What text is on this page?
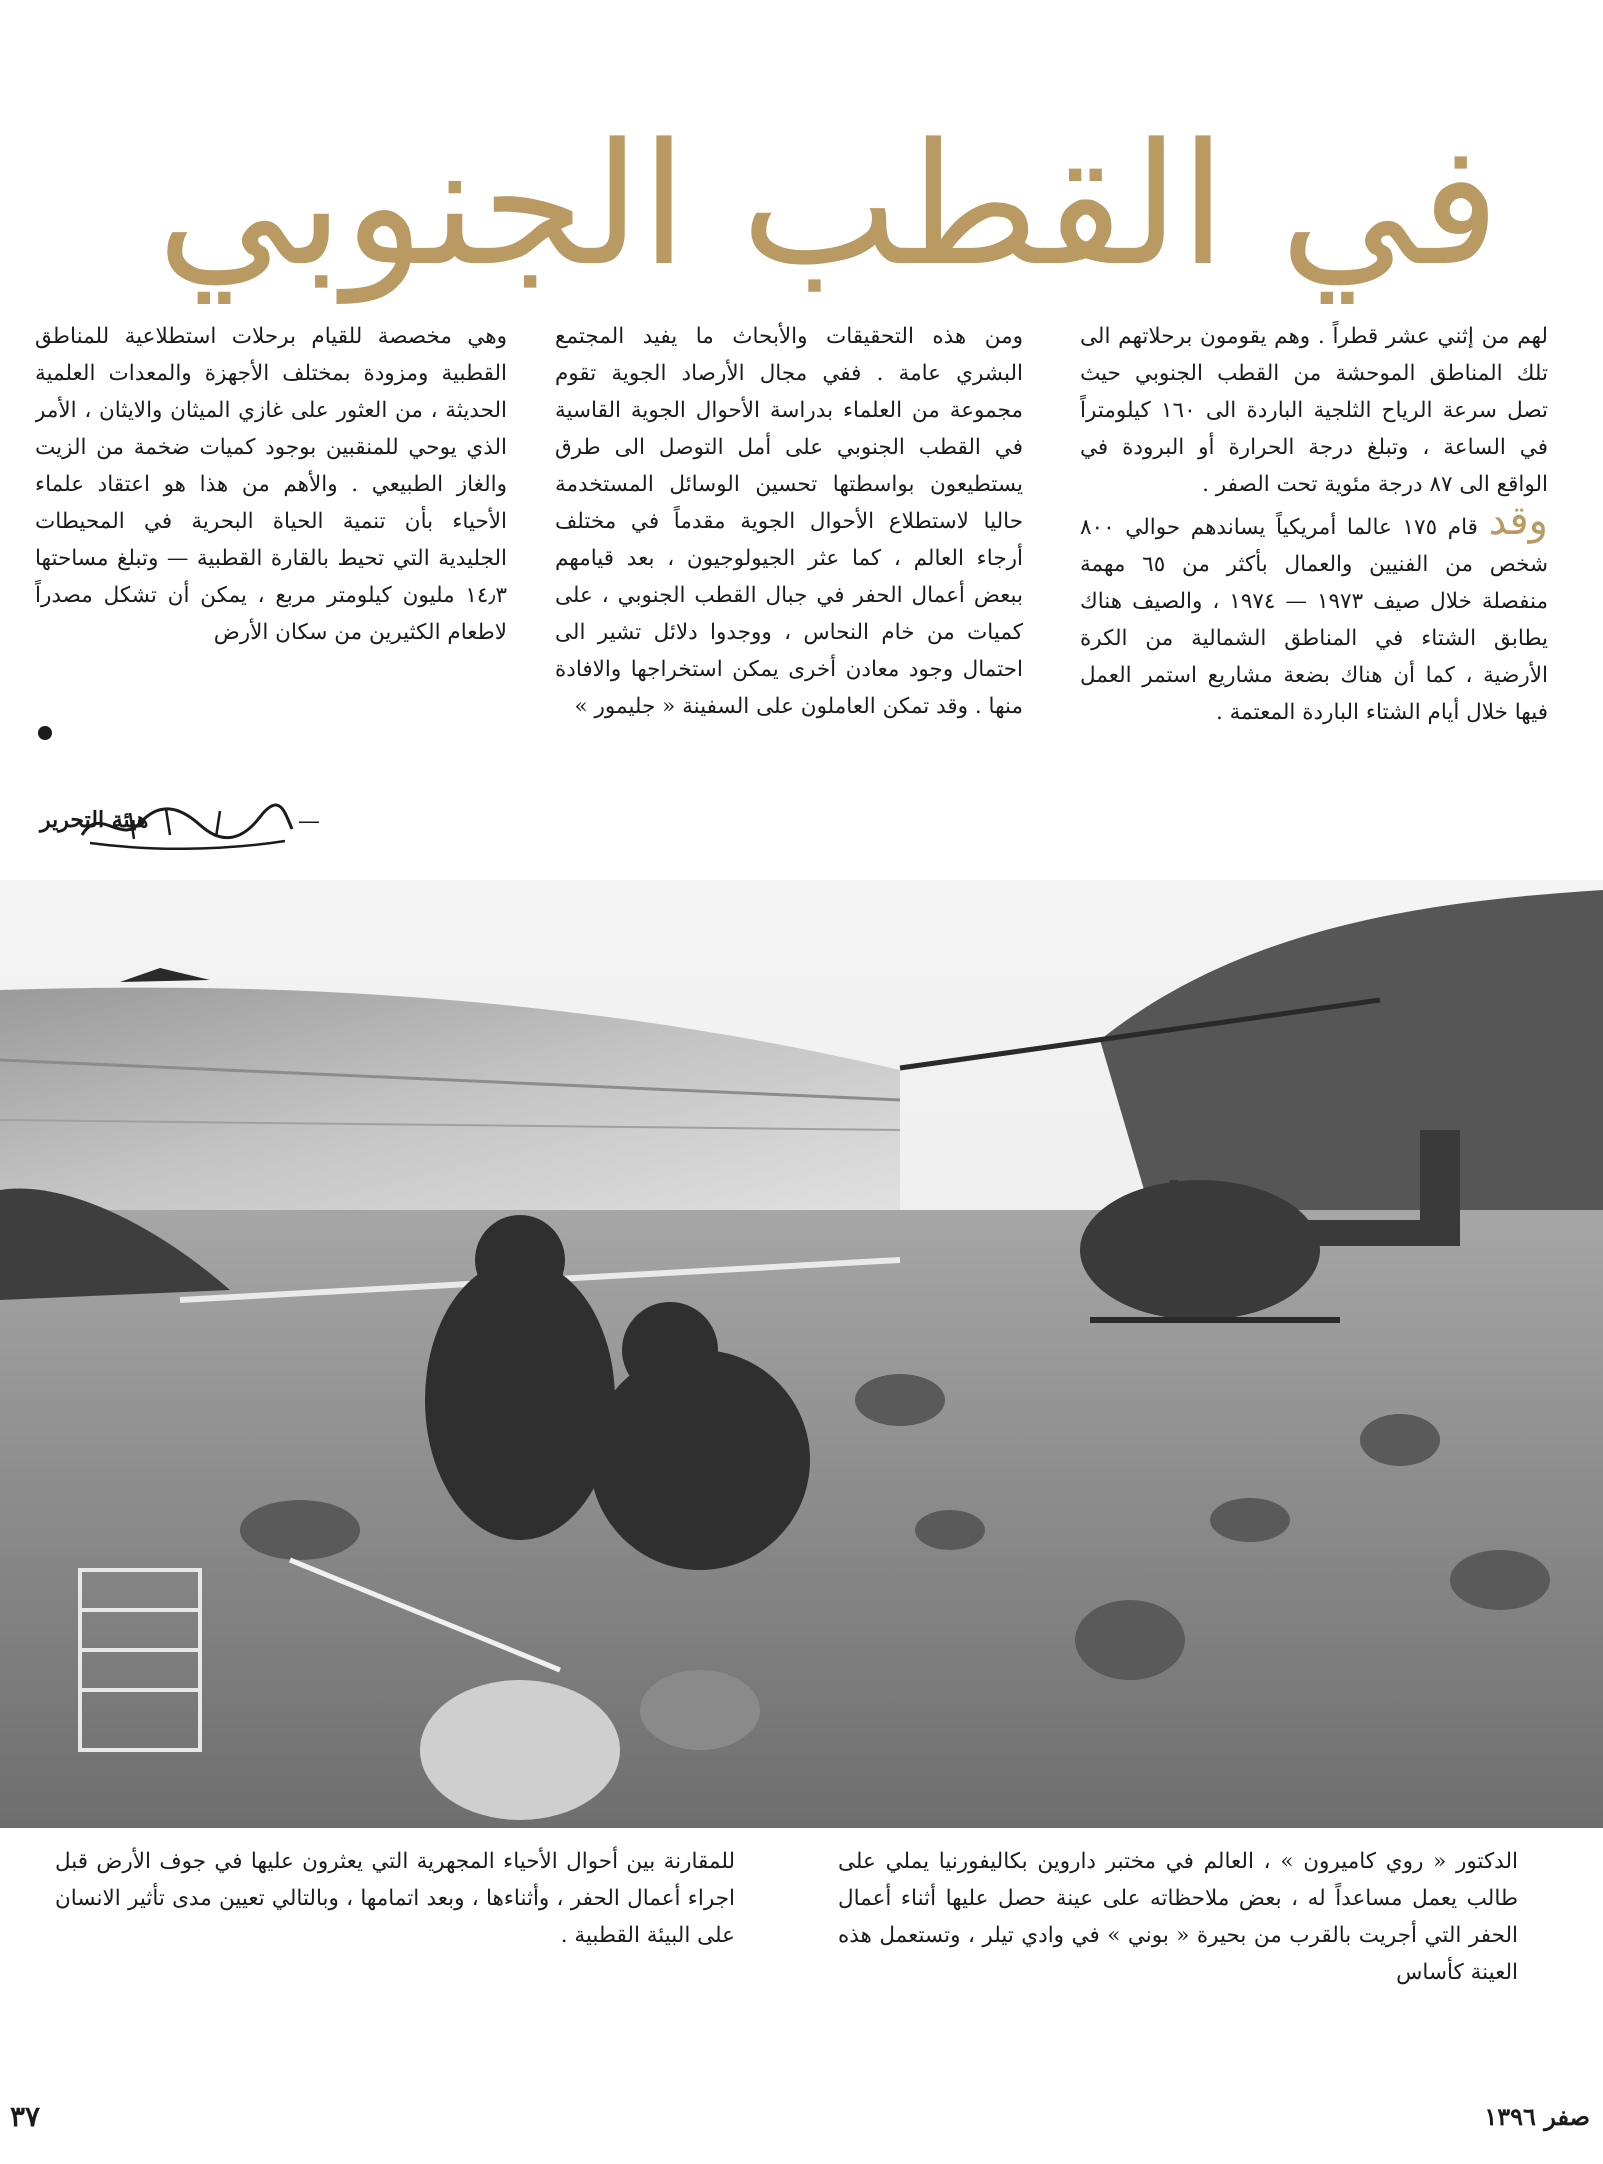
في القطب الجنوبي

لهم من إثني عشر قطراً . وهم يقومون برحلاتهم الى تلك المناطق الموحشة من القطب الجنوبي حيث تصل سرعة الرياح الثلجية الباردة الى ١٦٠ كيلومتراً في الساعة ، وتبلغ درجة الحرارة أو البرودة في الواقع الى ٨٧ درجة مئوية تحت الصفر .

وقد قام ١٧٥ عالما أمريكياً يساندهم حوالي ٨٠٠ شخص من الفنيين والعمال بأكثر من ٦٥ مهمة منفصلة خلال صيف ١٩٧٣ — ١٩٧٤ ، والصيف هناك يطابق الشتاء في المناطق الشمالية من الكرة الأرضية ، كما أن هناك بضعة مشاريع استمر العمل فيها خلال أيام الشتاء الباردة المعتمة .

ومن هذه التحقيقات والأبحاث ما يفيد المجتمع البشري عامة . ففي مجال الأرصاد الجوية تقوم مجموعة من العلماء بدراسة الأحوال الجوية القاسية في القطب الجنوبي على أمل التوصل الى طرق يستطيعون بواسطتها تحسين الوسائل المستخدمة حاليا لاستطلاع الأحوال الجوية مقدماً في مختلف أرجاء العالم ، كما عثر الجيولوجيون ، بعد قيامهم ببعض أعمال الحفر في جبال القطب الجنوبي ، على كميات من خام النحاس ، ووجدوا دلائل تشير الى احتمال وجود معادن أخرى يمكن استخراجها والافادة منها . وقد تمكن العاملون على السفينة « جليمور »

وهي مخصصة للقيام برحلات استطلاعية للمناطق القطبية ومزودة بمختلف الأجهزة والمعدات العلمية الحديثة ، من العثور على غازي الميثان والايثان ، الأمر الذي يوحي للمنقبين بوجود كميات ضخمة من الزيت والغاز الطبيعي . والأهم من هذا هو اعتقاد علماء الأحياء بأن تنمية الحياة البحرية في المحيطات الجليدية التي تحيط بالقارة القطبية — وتبلغ مساحتها ١٤٫٣ مليون كيلومتر مربع ، يمكن أن تشكل مصدراً لاطعام الكثيرين من سكان الأرض

—
هيئة التحرير

الدكتور « روي كاميرون » ، العالم في مختبر داروين بكاليفورنيا يملي على طالب يعمل مساعداً له ، بعض ملاحظاته على عينة حصل عليها أثناء أعمال الحفر التي أجريت بالقرب من بحيرة « بوني » في وادي تيلر ، وتستعمل هذه العينة كأساس

للمقارنة بين أحوال الأحياء المجهرية التي يعثرون عليها في جوف الأرض قبل اجراء أعمال الحفر ، وأثناءها ، وبعد اتمامها ، وبالتالي تعيين مدى تأثير الانسان على البيئة القطبية .

٣٧	صفر ١٣٩٦
